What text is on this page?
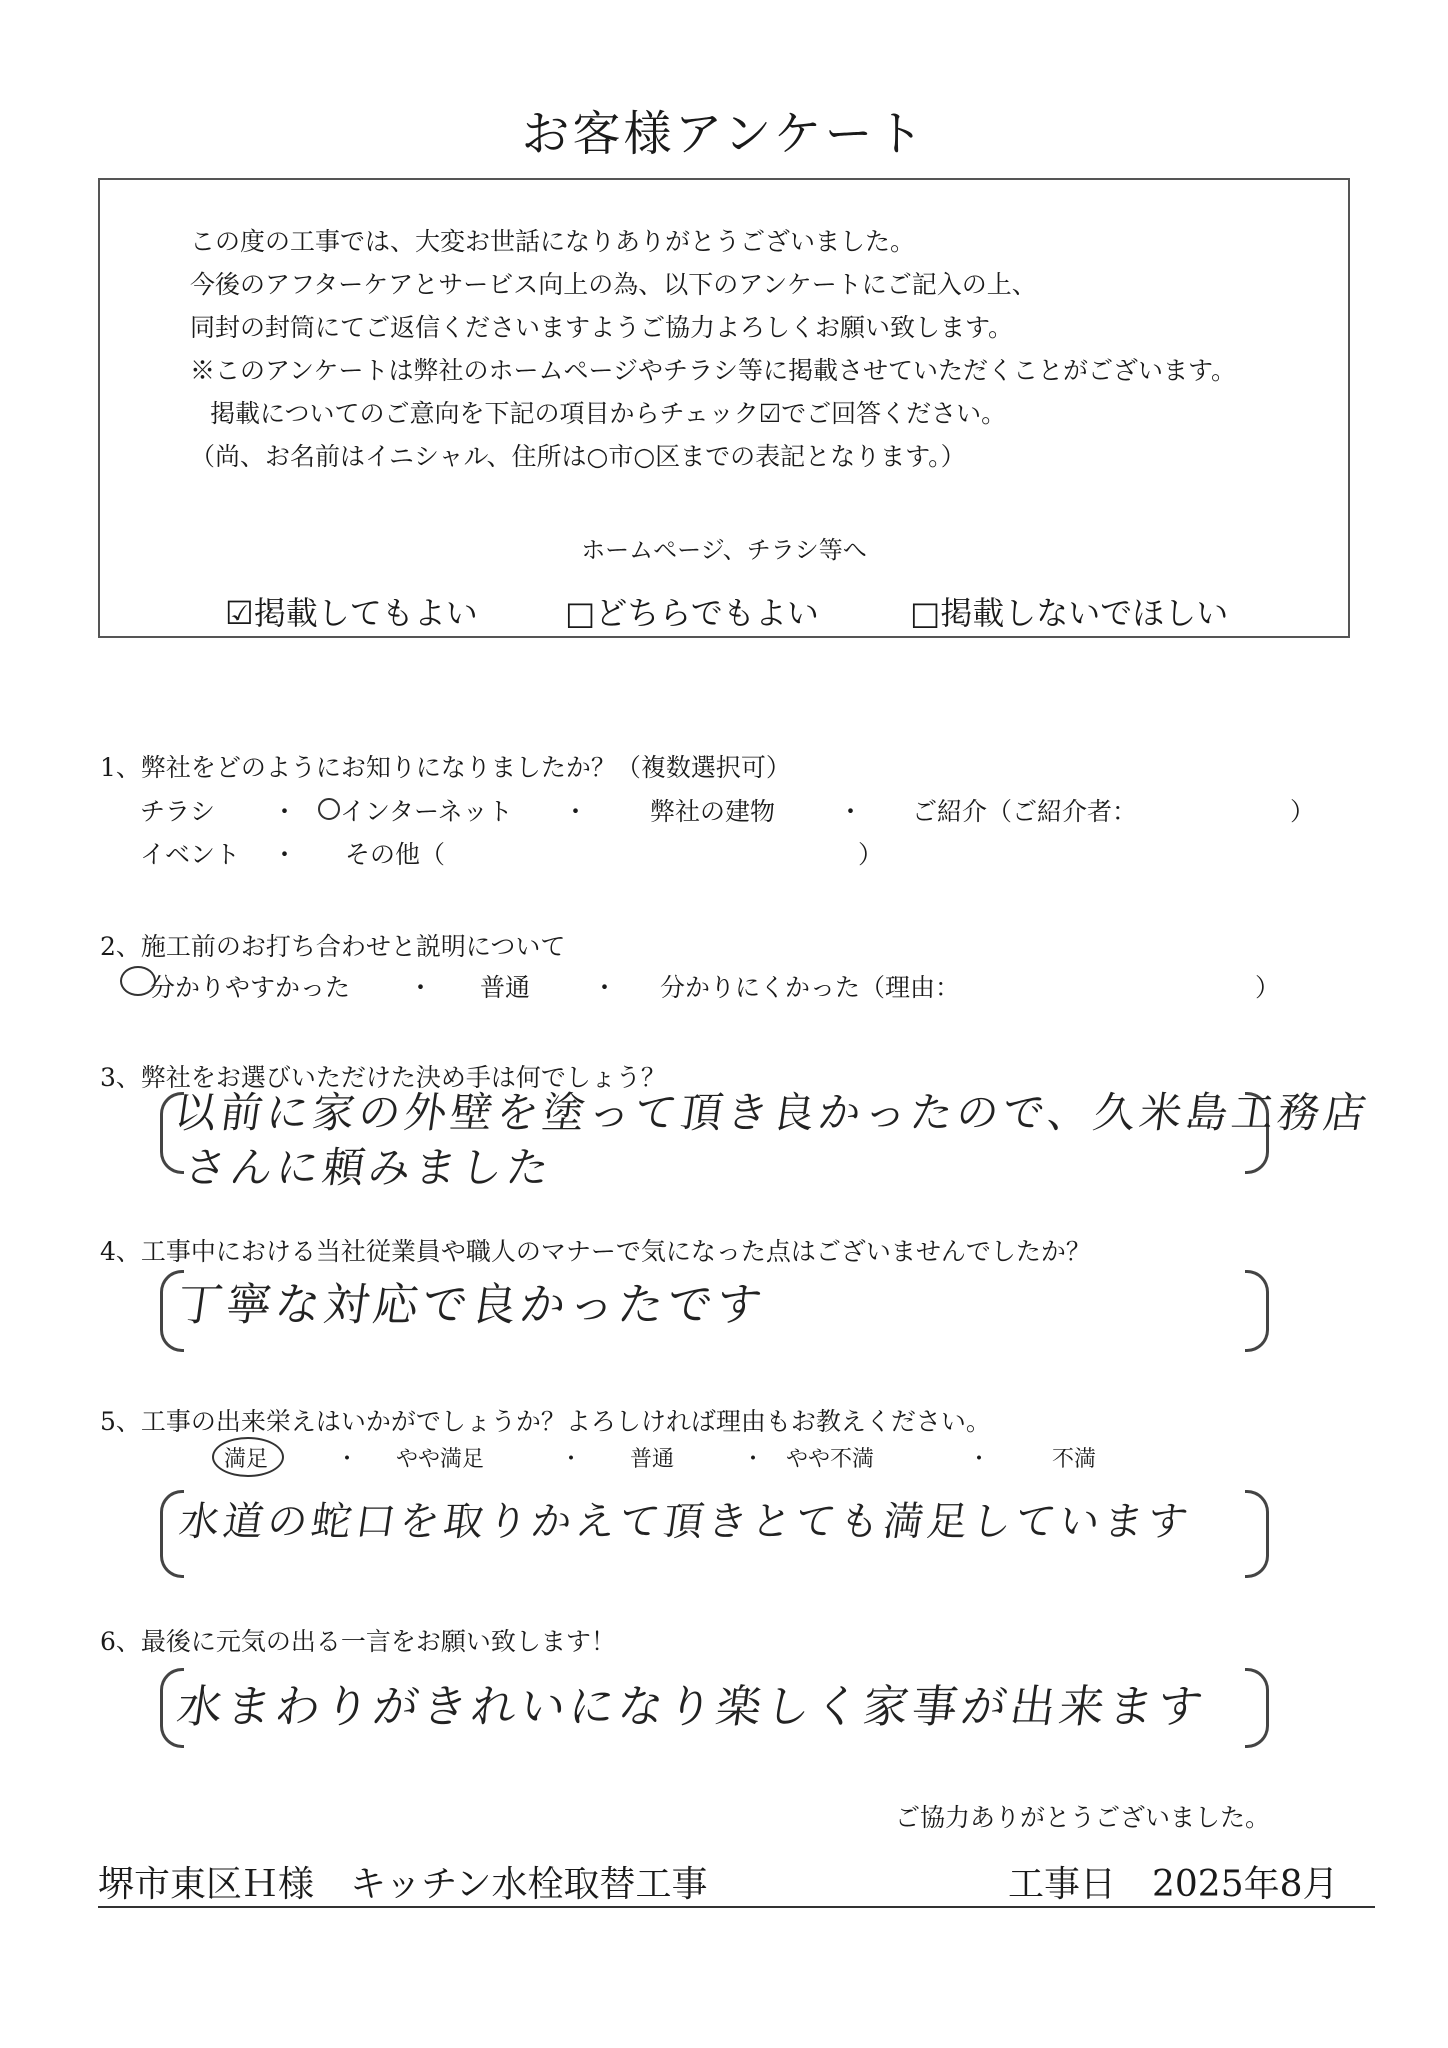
お客様アンケート
この度の工事では、大変お世話になりありがとうございました。
今後のアフターケアとサービス向上の為、以下のアンケートにご記入の上、
同封の封筒にてご返信くださいますようご協力よろしくお願い致します。
※このアンケートは弊社のホームページやチラシ等に掲載させていただくことがございます。
掲載についてのご意向を下記の項目からチェック☑でご回答ください。
（尚、お名前はイニシャル、住所は○市○区までの表記となります。）
ホームページ、チラシ等へ
☑掲載してもよい	□どちらでもよい	□掲載しないでほしい
1、弊社をどのようにお知りになりましたか？（複数選択可）
チラシ ・ インターネット ・ 弊社の建物	・ ご紹介（ご紹介者：	）
イベント ・ その他（	）
2、施工前のお打ち合わせと説明について
分かりやすかった ・ 普通 ・ 分かりにくかった（理由：	）
3、弊社をお選びいただけた決め手は何でしょう？
以前に家の外壁を塗って頂き良かったので、久米島工務店
さんに頼みました
4、工事中における当社従業員や職人のマナーで気になった点はございませんでしたか？
丁寧な対応で良かったです
5、工事の出来栄えはいかがでしょうか？よろしければ理由もお教えください。
満足	・ やや満足	・ 普通	・ やや不満	・	不満
水道の蛇口を取りかえて頂きとても満足しています
6、最後に元気の出る一言をお願い致します！
水まわりがきれいになり楽しく家事が出来ます
ご協力ありがとうございました。
堺市東区Ｈ様　キッチン水栓取替工事	工事日　2025年8月
